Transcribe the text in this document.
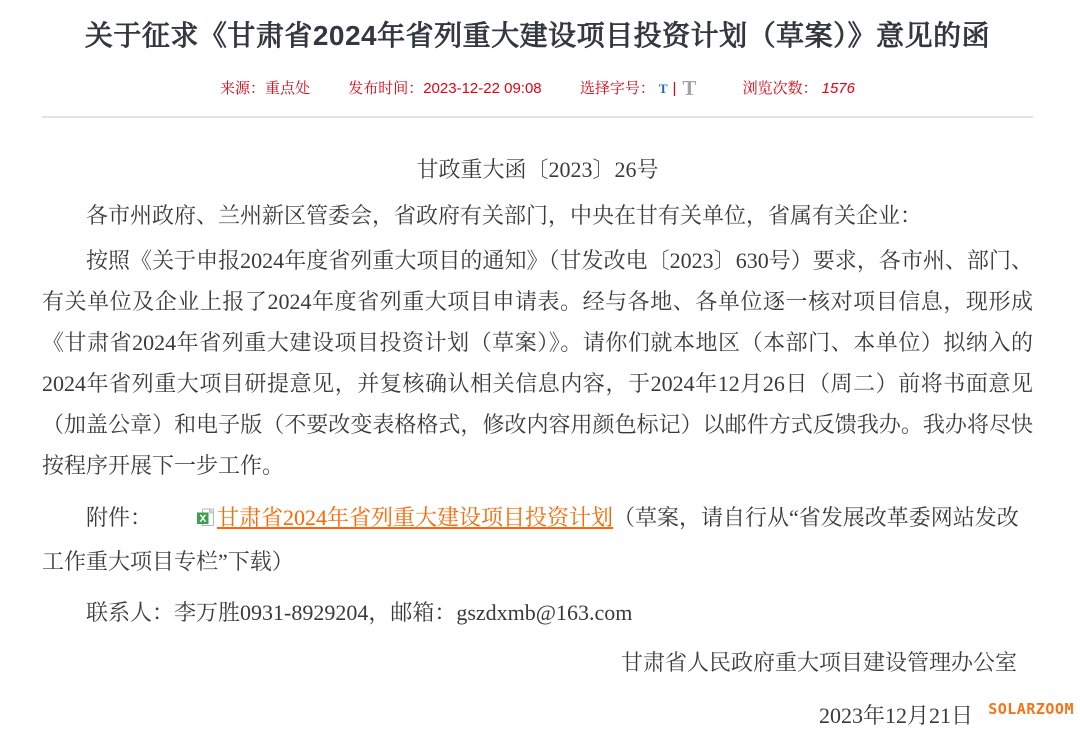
关于征求《甘肃省2024年省列重大建设项目投资计划（草案）》意见的函
来源：重点处	发布时间：2023-12-22 09:08	选择字号： T | T	浏览次数： 1576

甘政重大函〔2023〕26号

各市州政府、兰州新区管委会，省政府有关部门，中央在甘有关单位，省属有关企业：

按照《关于申报2024年度省列重大项目的通知》（甘发改电〔2023〕630号）要求，各市州、部门、有关单位及企业上报了2024年度省列重大项目申请表。经与各地、各单位逐一核对项目信息，现形成《甘肃省2024年省列重大建设项目投资计划（草案）》。请你们就本地区（本部门、本单位）拟纳入的2024年省列重大项目研提意见，并复核确认相关信息内容，于2024年12月26日（周二）前将书面意见（加盖公章）和电子版（不要改变表格格式，修改内容用颜色标记）以邮件方式反馈我办。我办将尽快按程序开展下一步工作。

附件：	甘肃省2024年省列重大建设项目投资计划（草案，请自行从“省发展改革委网站发改工作重大项目专栏”下载）

联系人：李万胜0931-8929204，邮箱：gszdxmb@163.com

甘肃省人民政府重大项目建设管理办公室

2023年12月21日	SOLARZOOM
